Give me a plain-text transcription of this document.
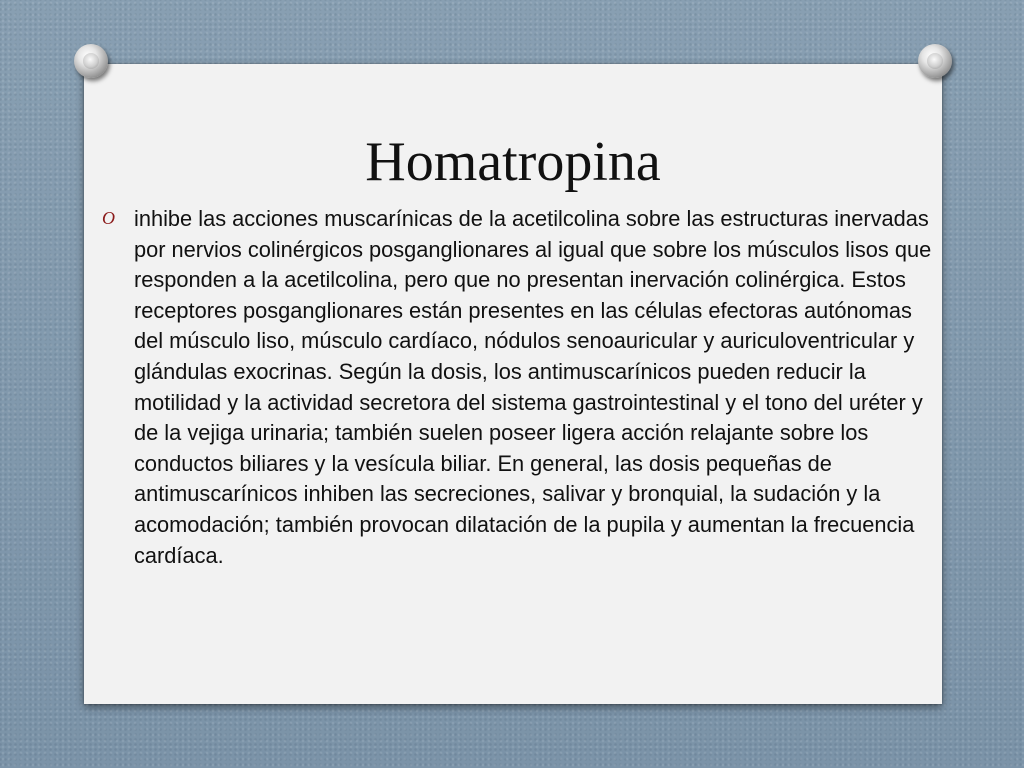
Homatropina
O inhibe las acciones muscarínicas de la acetilcolina sobre las estructuras inervadas por nervios colinérgicos posganglionares al igual que sobre los músculos lisos que responden a la acetilcolina, pero que no presentan inervación colinérgica. Estos receptores posganglionares están presentes en las células efectoras autónomas del músculo liso, músculo cardíaco, nódulos senoauricular y auriculoventricular y glándulas exocrinas. Según la dosis, los antimuscarínicos pueden reducir la motilidad y la actividad secretora del sistema gastrointestinal y el tono del uréter y de la vejiga urinaria; también suelen poseer ligera acción relajante sobre los conductos biliares y la vesícula biliar. En general, las dosis pequeñas de antimuscarínicos inhiben las secreciones, salivar y bronquial, la sudación y la acomodación; también provocan dilatación de la pupila y aumentan la frecuencia cardíaca.
